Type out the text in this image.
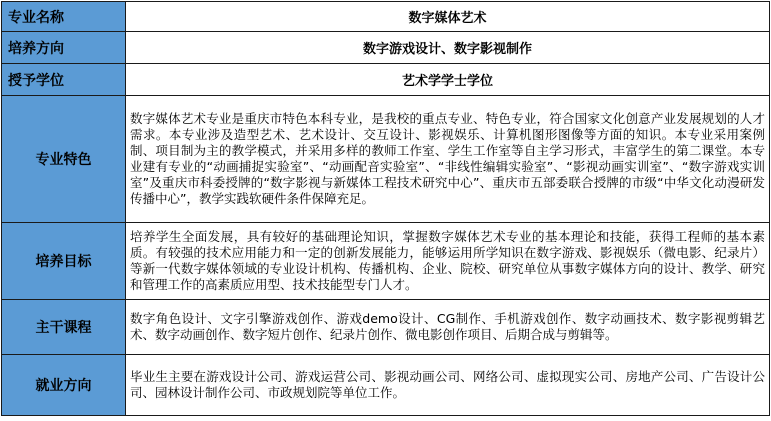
专业名称	数字媒体艺术
培养方向	数字游戏设计、数字影视制作
授予学位	艺术学学士学位
专业特色	数字媒体艺术专业是重庆市特色本科专业，是我校的重点专业、特色专业，符合国家文化创意产业发展规划的人才需求。本专业涉及造型艺术、艺术设计、交互设计、影视娱乐、计算机图形图像等方面的知识。本专业采用案例制、项目制为主的教学模式，并采用多样的教师工作室、学生工作室等自主学习形式，丰富学生的第二课堂。本专业建有专业的“动画捕捉实验室”、“动画配音实验室”、“非线性编辑实验室”、“影视动画实训室”、“数字游戏实训室”及重庆市科委授牌的“数字影视与新媒体工程技术研究中心”、重庆市五部委联合授牌的市级“中华文化动漫研发传播中心”，教学实践软硬件条件保障充足。
培养目标	培养学生全面发展，具有较好的基础理论知识，掌握数字媒体艺术专业的基本理论和技能，获得工程师的基本素质。有较强的技术应用能力和一定的创新发展能力，能够运用所学知识在数字游戏、影视娱乐（微电影、纪录片）等新一代数字媒体领域的专业设计机构、传播机构、企业、院校、研究单位从事数字媒体方向的设计、教学、研究和管理工作的高素质应用型、技术技能型专门人才。
主干课程	数字角色设计、文字引擎游戏创作、游戏demo设计、CG制作、手机游戏创作、数字动画技术、数字影视剪辑艺术、数字动画创作、数字短片创作、纪录片创作、微电影创作项目、后期合成与剪辑等。
就业方向	毕业生主要在游戏设计公司、游戏运营公司、影视动画公司、网络公司、虚拟现实公司、房地产公司、广告设计公司、园林设计制作公司、市政规划院等单位工作。
